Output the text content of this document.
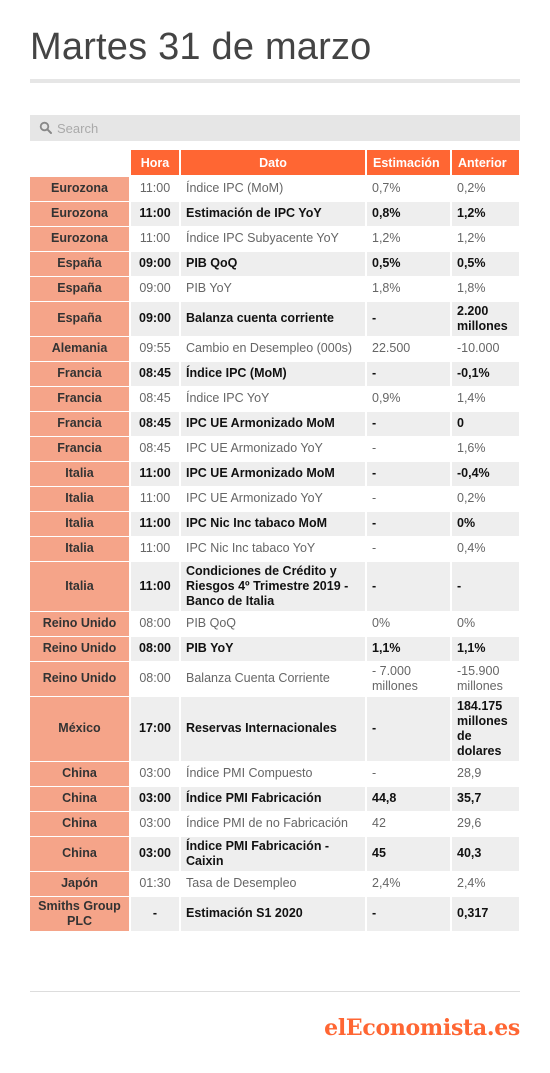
Martes 31 de marzo
Search
	Hora	Dato	Estimación	Anterior
Eurozona	11:00	Índice IPC (MoM)	0,7%	0,2%
Eurozona	11:00	Estimación de IPC YoY	0,8%	1,2%
Eurozona	11:00	Índice IPC Subyacente YoY	1,2%	1,2%
España	09:00	PIB QoQ	0,5%	0,5%
España	09:00	PIB YoY	1,8%	1,8%
España	09:00	Balanza cuenta corriente	-	2.200 millones
Alemania	09:55	Cambio en Desempleo (000s)	22.500	-10.000
Francia	08:45	Índice IPC (MoM)	-	-0,1%
Francia	08:45	Índice IPC YoY	0,9%	1,4%
Francia	08:45	IPC UE Armonizado MoM	-	0
Francia	08:45	IPC UE Armonizado YoY	-	1,6%
Italia	11:00	IPC UE Armonizado MoM	-	-0,4%
Italia	11:00	IPC UE Armonizado YoY	-	0,2%
Italia	11:00	IPC Nic Inc tabaco MoM	-	0%
Italia	11:00	IPC Nic Inc tabaco YoY	-	0,4%
Italia	11:00	Condiciones de Crédito y Riesgos 4º Trimestre 2019 - Banco de Italia	-	-
Reino Unido	08:00	PIB QoQ	0%	0%
Reino Unido	08:00	PIB YoY	1,1%	1,1%
Reino Unido	08:00	Balanza Cuenta Corriente	- 7.000 millones	-15.900 millones
México	17:00	Reservas Internacionales	-	184.175 millones de dolares
China	03:00	Índice PMI Compuesto	-	28,9
China	03:00	Índice PMI Fabricación	44,8	35,7
China	03:00	Índice PMI de no Fabricación	42	29,6
China	03:00	Índice PMI Fabricación - Caixin	45	40,3
Japón	01:30	Tasa de Desempleo	2,4%	2,4%
Smiths Group PLC	-	Estimación S1 2020	-	0,317
elEconomista.es
